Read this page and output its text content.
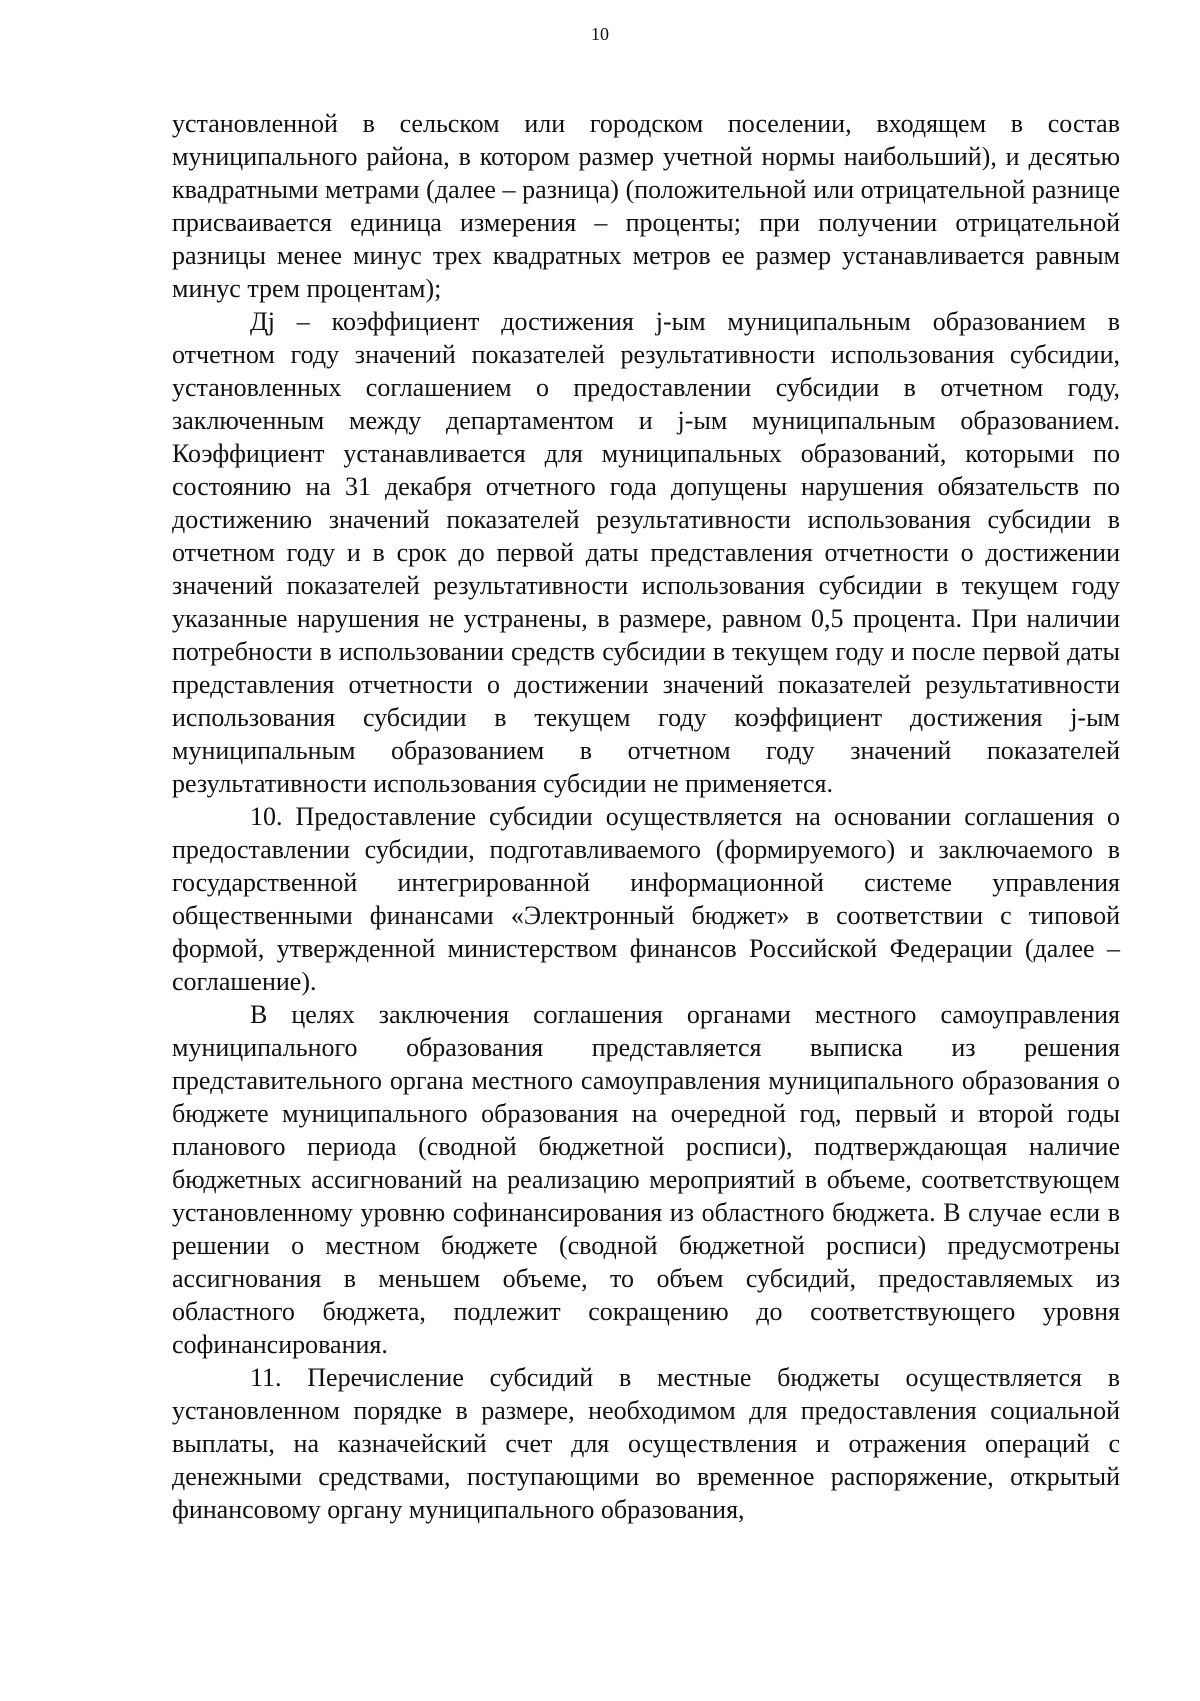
10

установленной в сельском или городском поселении, входящем в состав муниципального района, в котором размер учетной нормы наибольший), и десятью квадратными метрами (далее – разница) (положительной или отрицательной разнице присваивается единица измерения – проценты; при получении отрицательной разницы менее минус трех квадратных метров ее размер устанавливается равным минус трем процентам);

Дj – коэффициент достижения j-ым муниципальным образованием в отчетном году значений показателей результативности использования субсидии, установленных соглашением о предоставлении субсидии в отчетном году, заключенным между департаментом и j-ым муниципальным образованием. Коэффициент устанавливается для муниципальных образований, которыми по состоянию на 31 декабря отчетного года допущены нарушения обязательств по достижению значений показателей результативности использования субсидии в отчетном году и в срок до первой даты представления отчетности о достижении значений показателей результативности использования субсидии в текущем году указанные нарушения не устранены, в размере, равном 0,5 процента. При наличии потребности в использовании средств субсидии в текущем году и после первой даты представления отчетности о достижении значений показателей результативности использования субсидии в текущем году коэффициент достижения j-ым муниципальным образованием в отчетном году значений показателей результативности использования субсидии не применяется.

10. Предоставление субсидии осуществляется на основании соглашения о предоставлении субсидии, подготавливаемого (формируемого) и заключаемого в государственной интегрированной информационной системе управления общественными финансами «Электронный бюджет» в соответствии с типовой формой, утвержденной министерством финансов Российской Федерации (далее – соглашение).

В целях заключения соглашения органами местного самоуправления муниципального образования представляется выписка из решения представительного органа местного самоуправления муниципального образования о бюджете муниципального образования на очередной год, первый и второй годы планового периода (сводной бюджетной росписи), подтверждающая наличие бюджетных ассигнований на реализацию мероприятий в объеме, соответствующем установленному уровню софинансирования из областного бюджета. В случае если в решении о местном бюджете (сводной бюджетной росписи) предусмотрены ассигнования в меньшем объеме, то объем субсидий, предоставляемых из областного бюджета, подлежит сокращению до соответствующего уровня софинансирования.

11. Перечисление субсидий в местные бюджеты осуществляется в установленном порядке в размере, необходимом для предоставления социальной выплаты, на казначейский счет для осуществления и отражения операций с денежными средствами, поступающими во временное распоряжение, открытый финансовому органу муниципального образования,
